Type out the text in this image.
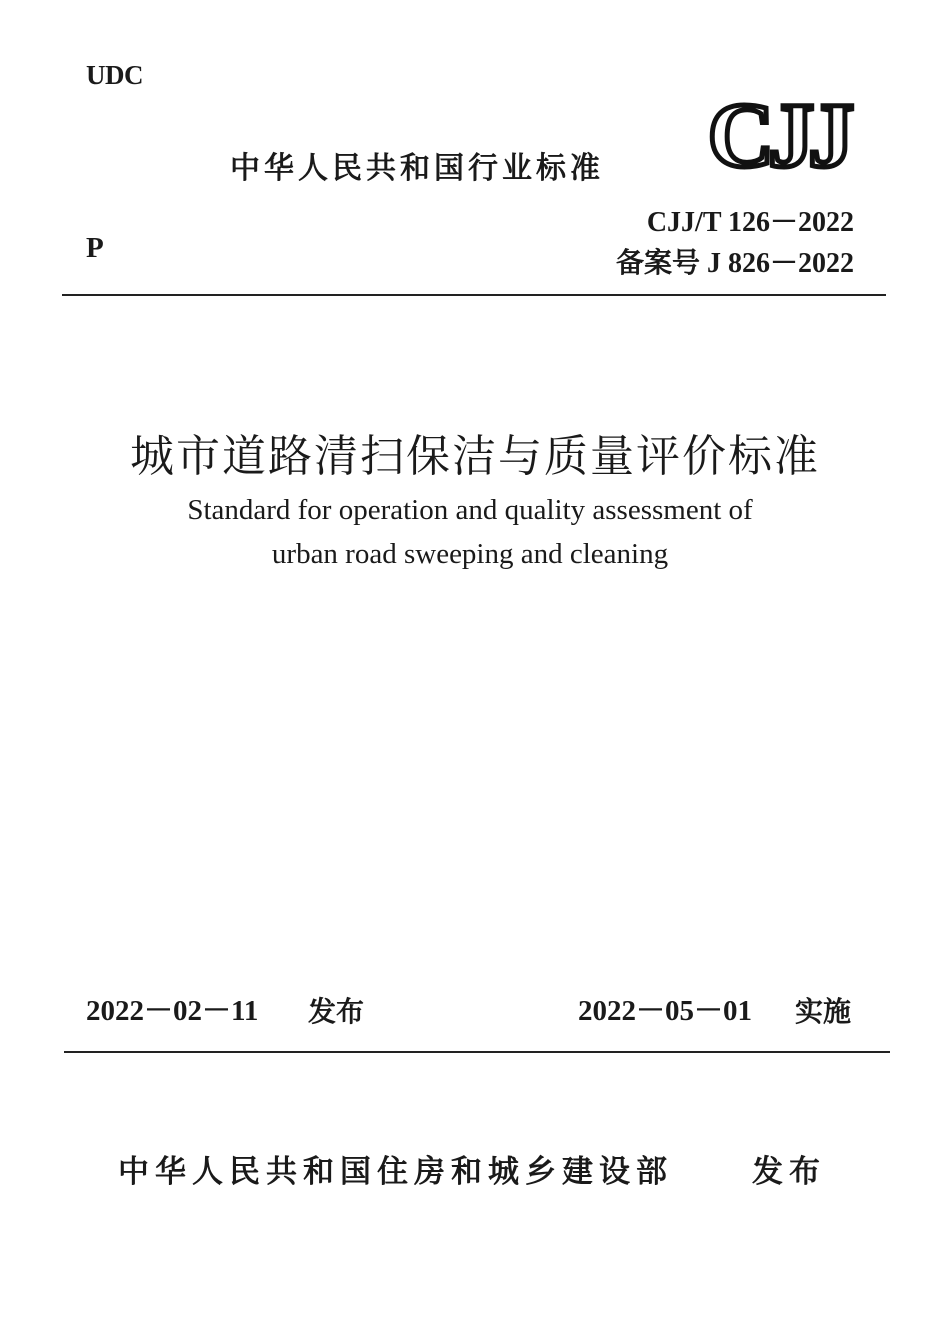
UDC
中华人民共和国行业标准 CJJ
P
CJJ/T 126－2022
备案号 J 826－2022
城市道路清扫保洁与质量评价标准
Standard for operation and quality assessment of
urban road sweeping and cleaning
2022－02－11 发布	2022－05－01 实施
中华人民共和国住房和城乡建设部	发布
